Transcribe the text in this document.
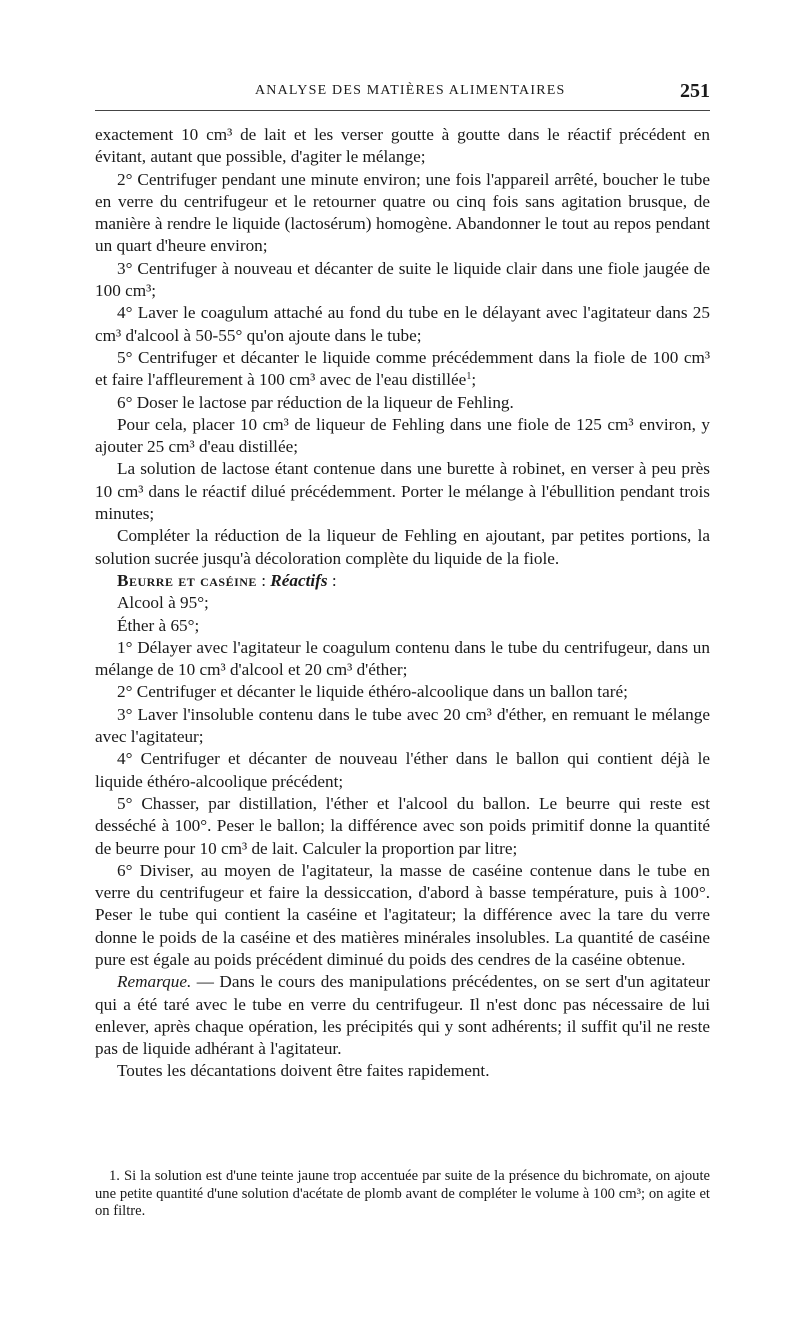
ANALYSE DES MATIÈRES ALIMENTAIRES	251

exactement 10 cm³ de lait et les verser goutte à goutte dans le réactif précédent en évitant, autant que possible, d'agiter le mélange;

2° Centrifuger pendant une minute environ; une fois l'appareil arrêté, boucher le tube en verre du centrifugeur et le retourner quatre ou cinq fois sans agitation brusque, de manière à rendre le liquide (lactosérum) homogène. Abandonner le tout au repos pendant un quart d'heure environ;

3° Centrifuger à nouveau et décanter de suite le liquide clair dans une fiole jaugée de 100 cm³;

4° Laver le coagulum attaché au fond du tube en le délayant avec l'agitateur dans 25 cm³ d'alcool à 50-55° qu'on ajoute dans le tube;

5° Centrifuger et décanter le liquide comme précédemment dans la fiole de 100 cm³ et faire l'affleurement à 100 cm³ avec de l'eau distillée$^1$;

6° Doser le lactose par réduction de la liqueur de Fehling.

Pour cela, placer 10 cm³ de liqueur de Fehling dans une fiole de 125 cm³ environ, y ajouter 25 cm³ d'eau distillée;

La solution de lactose étant contenue dans une burette à robinet, en verser à peu près 10 cm³ dans le réactif dilué précédemment. Porter le mélange à l'ébullition pendant trois minutes;

Compléter la réduction de la liqueur de Fehling en ajoutant, par petites portions, la solution sucrée jusqu'à décoloration complète du liquide de la fiole.

Beurre et caséine : Réactifs :

Alcool à 95°;

Éther à 65°;

1° Délayer avec l'agitateur le coagulum contenu dans le tube du centrifugeur, dans un mélange de 10 cm³ d'alcool et 20 cm³ d'éther;

2° Centrifuger et décanter le liquide éthéro-alcoolique dans un ballon taré;

3° Laver l'insoluble contenu dans le tube avec 20 cm³ d'éther, en remuant le mélange avec l'agitateur;

4° Centrifuger et décanter de nouveau l'éther dans le ballon qui contient déjà le liquide éthéro-alcoolique précédent;

5° Chasser, par distillation, l'éther et l'alcool du ballon. Le beurre qui reste est desséché à 100°. Peser le ballon; la différence avec son poids primitif donne la quantité de beurre pour 10 cm³ de lait. Calculer la proportion par litre;

6° Diviser, au moyen de l'agitateur, la masse de caséine contenue dans le tube en verre du centrifugeur et faire la dessiccation, d'abord à basse température, puis à 100°. Peser le tube qui contient la caséine et l'agitateur; la différence avec la tare du verre donne le poids de la caséine et des matières minérales insolubles. La quantité de caséine pure est égale au poids précédent diminué du poids des cendres de la caséine obtenue.

Remarque. — Dans le cours des manipulations précédentes, on se sert d'un agitateur qui a été taré avec le tube en verre du centrifugeur. Il n'est donc pas nécessaire de lui enlever, après chaque opération, les précipités qui y sont adhérents; il suffit qu'il ne reste pas de liquide adhérant à l'agitateur.

Toutes les décantations doivent être faites rapidement.

1. Si la solution est d'une teinte jaune trop accentuée par suite de la présence du bichromate, on ajoute une petite quantité d'une solution d'acétate de plomb avant de compléter le volume à 100 cm³; on agite et on filtre.
